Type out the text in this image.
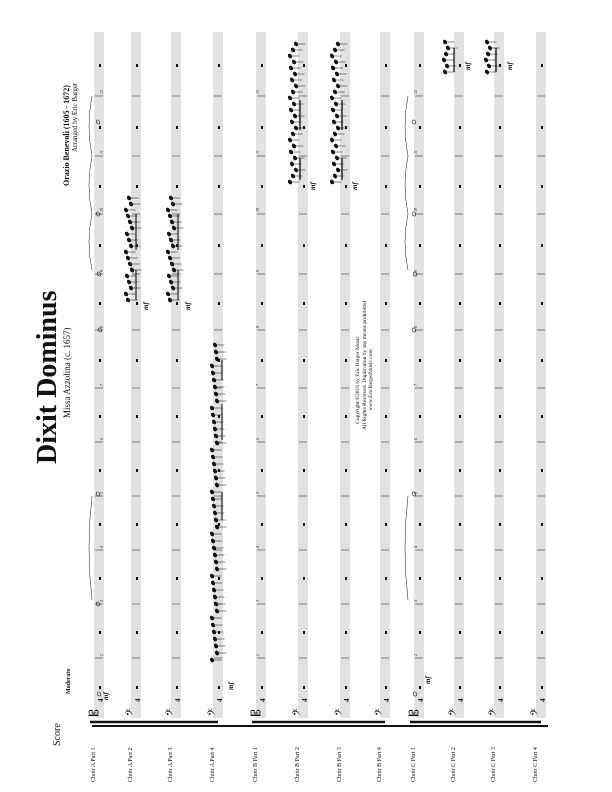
Score
Dixit Dominus Missa Azzolina (c. 1657)
Orazio Benevoli (1605 - 1672) Arranged by Eric Barger
Moderato
Copyright ©2018 by Eric Barger Music All Rights Reserved. Duplication by any means prohibited www.EricBargerMusic.com
Choir A Part 1	Choir A Part 2	Choir A Part 3	Choir A Part 4	Choir B Part 1	Choir B Part 2	Choir B Part 3	Choir B Part 4	Choir C Part 1	Choir C Part 2	Choir C Part 3	Choir C Part 4
𝄡
4
𝄢
4
𝄢
4
𝄢
4
𝄡
4
𝄢
4
𝄢
4
𝄢
4
𝄡
4
𝄢
4
𝄢
4
𝄢
4
2
3
4
5
6
7
8
9
10
11
12
2
3
4
5
6
7
8
9
10
11
12
2
3
4
5
6
7
8
9
10
11
12
mf
mf
mf
mf	mf
mf	mf
mf	mf
